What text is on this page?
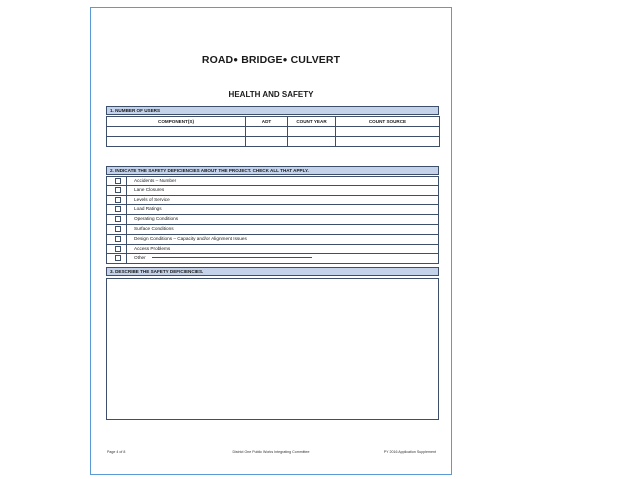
ROAD● BRIDGE● CULVERT
HEALTH AND SAFETY
1. NUMBER OF USERS
COMPONENT(S)	ADT	COUNT YEAR	COUNT SOURCE

2. INDICATE THE SAFETY DEFICIENCIES ABOUT THE PROJECT. CHECK ALL THAT APPLY.
Accidents – Number
Lane Closures
Levels of Service
Load Ratings
Operating Conditions
Surface Conditions
Design Conditions – Capacity and/or Alignment Issues
Access Problems
Other
3. DESCRIBE THE SAFETY DEFICIENCIES.
Page 4 of 8	District One Public Works Integrating Committee	PY 2016 Application Supplement
